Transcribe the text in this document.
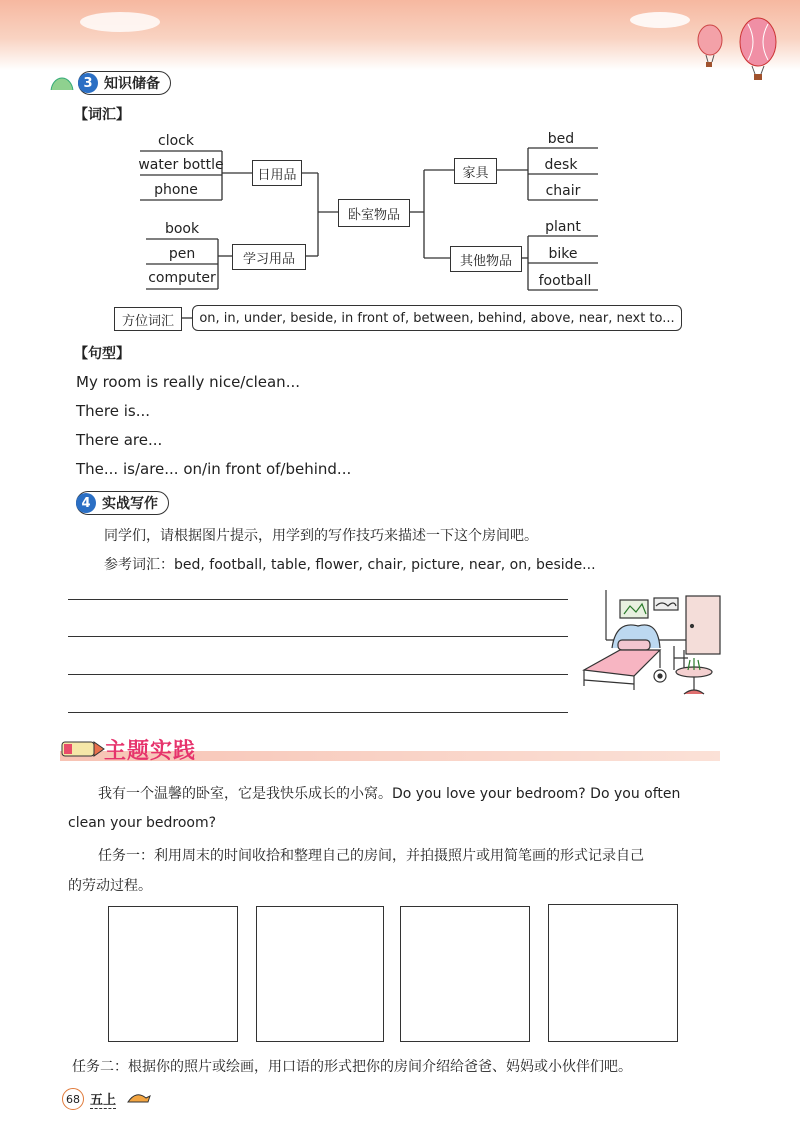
3 知识储备
【词汇】
clock
water bottle
phone
日用品
book
pen
computer
学习用品
卧室物品
家具
其他物品
bed
desk
chair
plant
bike
football
方位词汇	on, in, under, beside, in front of, between, behind, above, near, next to...
【句型】
My room is really nice/clean...
There is...
There are...
The... is/are... on/in front of/behind...
4 实战写作
同学们，请根据图片提示，用学到的写作技巧来描述一下这个房间吧。
参考词汇：bed, football, table, flower, chair, picture, near, on, beside...
主题实践
我有一个温馨的卧室，它是我快乐成长的小窝。Do you love your bedroom? Do you often
clean your bedroom?
任务一：利用周末的时间收拾和整理自己的房间，并拍摄照片或用简笔画的形式记录自己
的劳动过程。
任务二：根据你的照片或绘画，用口语的形式把你的房间介绍给爸爸、妈妈或小伙伴们吧。
68 五上
